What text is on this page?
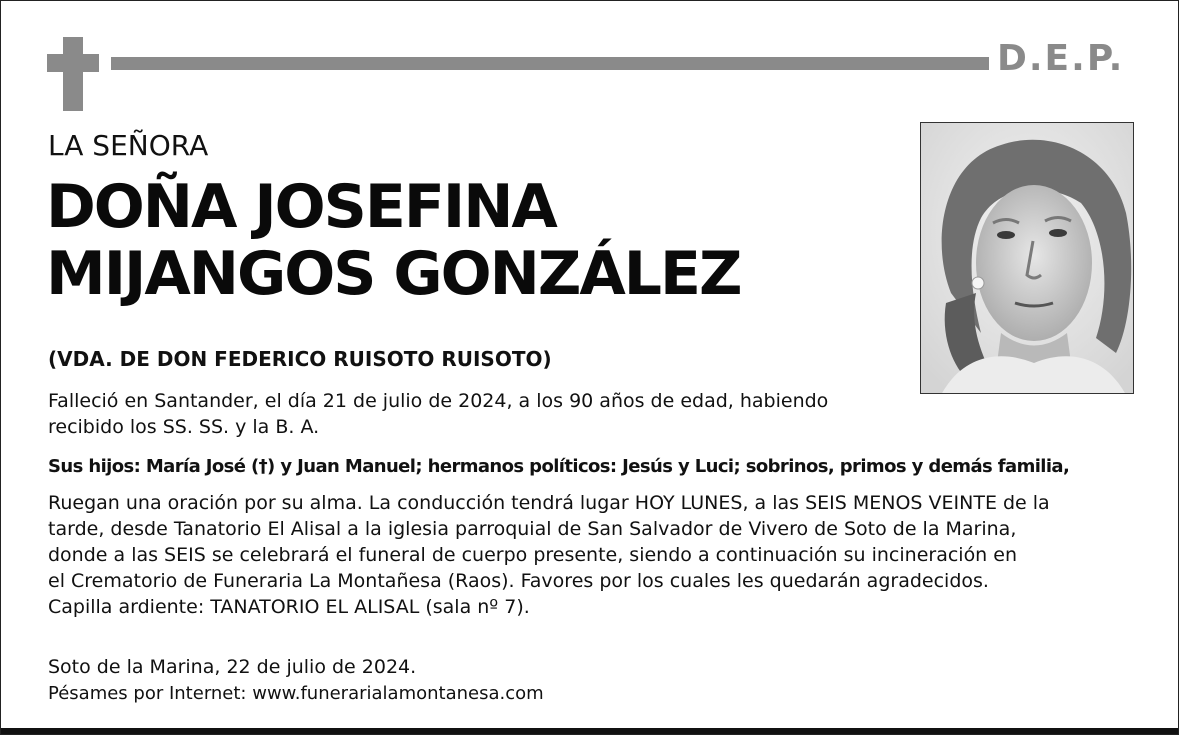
D.E.P.
LA SEÑORA
DOÑA JOSEFINA
MIJANGOS GONZÁLEZ
(VDA. DE DON FEDERICO RUISOTO RUISOTO)
Falleció en Santander, el día 21 de julio de 2024, a los 90 años de edad, habiendo
recibido los SS. SS. y la B. A.
Sus hijos: María José (†) y Juan Manuel; hermanos políticos: Jesús y Luci; sobrinos, primos y demás familia,
Ruegan una oración por su alma. La conducción tendrá lugar HOY LUNES, a las SEIS MENOS VEINTE de la
tarde, desde Tanatorio El Alisal a la iglesia parroquial de San Salvador de Vivero de Soto de la Marina,
donde a las SEIS se celebrará el funeral de cuerpo presente, siendo a continuación su incineración en
el Crematorio de Funeraria La Montañesa (Raos). Favores por los cuales les quedarán agradecidos.
Capilla ardiente: TANATORIO EL ALISAL (sala nº 7).
Soto de la Marina, 22 de julio de 2024.
Pésames por Internet: www.funerarialamontanesa.com
